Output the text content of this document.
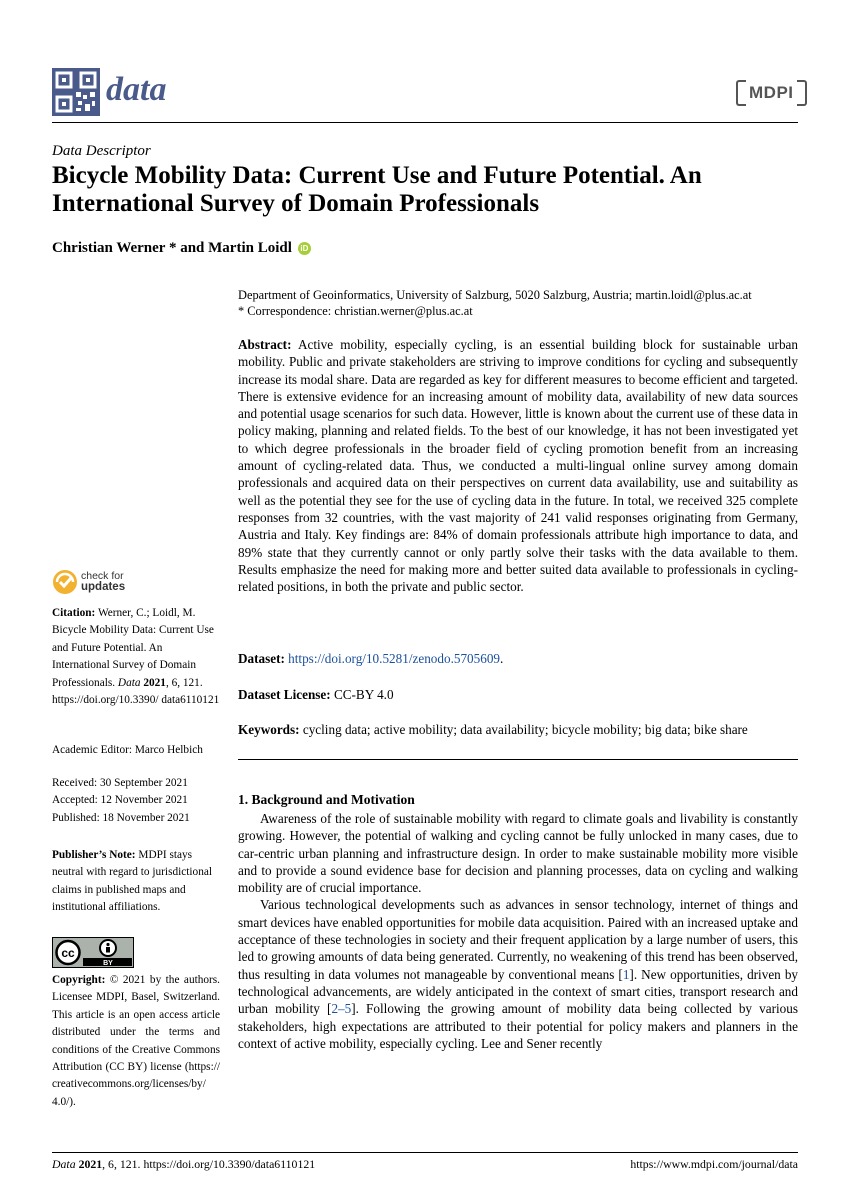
data	MDPI
Data Descriptor
Bicycle Mobility Data: Current Use and Future Potential. An
International Survey of Domain Professionals
Christian Werner * and Martin Loidl	iD
Department of Geoinformatics, University of Salzburg, 5020 Salzburg, Austria; martin.loidl@plus.ac.at
* Correspondence: christian.werner@plus.ac.at
Abstract: Active mobility, especially cycling, is an essential building block for sustainable urban mobility. Public and private stakeholders are striving to improve conditions for cycling and subsequently increase its modal share. Data are regarded as key for different measures to become efficient and targeted. There is extensive evidence for an increasing amount of mobility data, availability of new data sources and potential usage scenarios for such data. However, little is known about the current use of these data in policy making, planning and related fields. To the best of our knowledge, it has not been investigated yet to which degree professionals in the broader field of cycling promotion benefit from an increasing amount of cycling-related data. Thus, we conducted a multi-lingual online survey among domain professionals and acquired data on their perspectives on current data availability, use and suitability as well as the potential they see for the use of cycling data in the future. In total, we received 325 complete responses from 32 countries, with the vast majority of 241 valid responses originating from Germany, Austria and Italy. Key findings are: 84% of domain professionals attribute high importance to data, and 89% state that they currently cannot or only partly solve their tasks with the data available to them. Results emphasize the need for making more and better suited data available to professionals in cycling-related positions, in both the private and public sector.
Dataset: https://doi.org/10.5281/zenodo.5705609.
Dataset License: CC-BY 4.0
Keywords: cycling data; active mobility; data availability; bicycle mobility; big data; bike share
1. Background and Motivation

Awareness of the role of sustainable mobility with regard to climate goals and livability is constantly growing. However, the potential of walking and cycling cannot be fully unlocked in many cases, due to car-centric urban planning and infrastructure design. In order to make sustainable mobility more visible and to provide a sound evidence base for decision and planning processes, data on cycling and walking mobility are of crucial importance.

Various technological developments such as advances in sensor technology, internet of things and smart devices have enabled opportunities for mobile data acquisition. Paired with an increased uptake and acceptance of these technologies in society and their frequent application by a large number of users, this led to growing amounts of data being generated. Currently, no weakening of this trend has been observed, thus resulting in data volumes not manageable by conventional means [1]. New opportunities, driven by technological advancements, are widely anticipated in the context of smart cities, transport research and urban mobility [2–5]. Following the growing amount of mobility data being collected by various stakeholders, high expectations are attributed to their potential for policy makers and planners in the context of active mobility, especially cycling. Lee and Sener recently

check for
updates
Citation: Werner, C.; Loidl, M. Bicycle Mobility Data: Current Use and Future Potential. An International Survey of Domain Professionals. Data 2021, 6, 121. https://doi.org/10.3390/ data6110121
Academic Editor: Marco Helbich
Received: 30 September 2021
Accepted: 12 November 2021
Published: 18 November 2021
Publisher’s Note: MDPI stays neutral with regard to jurisdictional claims in published maps and institutional affiliations.
cc
BY
Copyright: © 2021 by the authors. Licensee MDPI, Basel, Switzerland. This article is an open access article distributed under the terms and conditions of the Creative Commons Attribution (CC BY) license (https:// creativecommons.org/licenses/by/ 4.0/).
Data 2021, 6, 121. https://doi.org/10.3390/data6110121	https://www.mdpi.com/journal/data
